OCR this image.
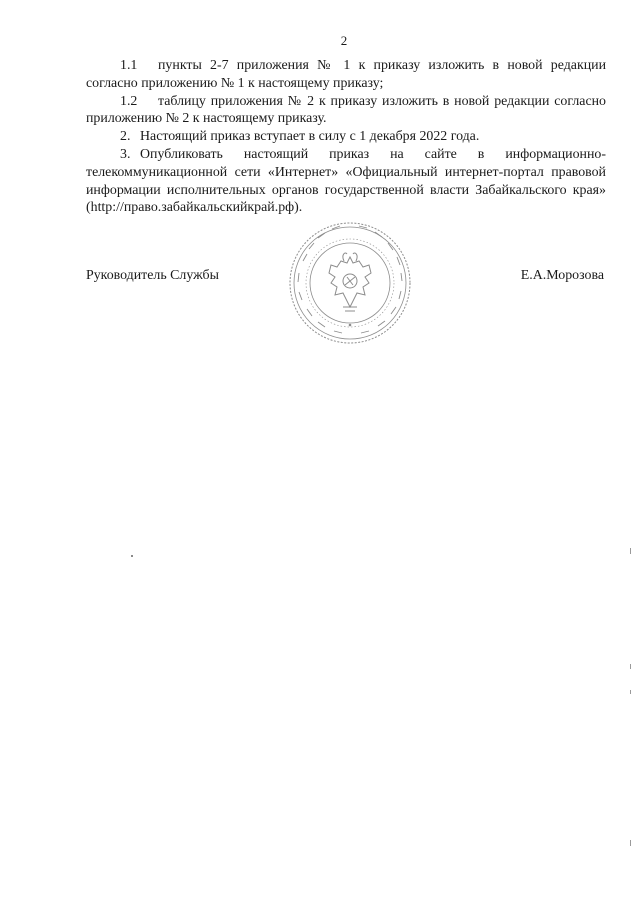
2

1.1 пункты 2-7 приложения № 1 к приказу изложить в новой редакции согласно приложению № 1 к настоящему приказу;

1.2 таблицу приложения № 2 к приказу изложить в новой редакции согласно приложению № 2 к настоящему приказу.

2. Настоящий приказ вступает в силу с 1 декабря 2022 года.

3. Опубликовать настоящий приказ на сайте в информационно-телекоммуникационной сети «Интернет» «Официальный интернет-портал правовой информации исполнительных органов государственной власти Забайкальского края» (http://право.забайкальскийкрай.рф).

Руководитель Службы	Е.А.Морозова
